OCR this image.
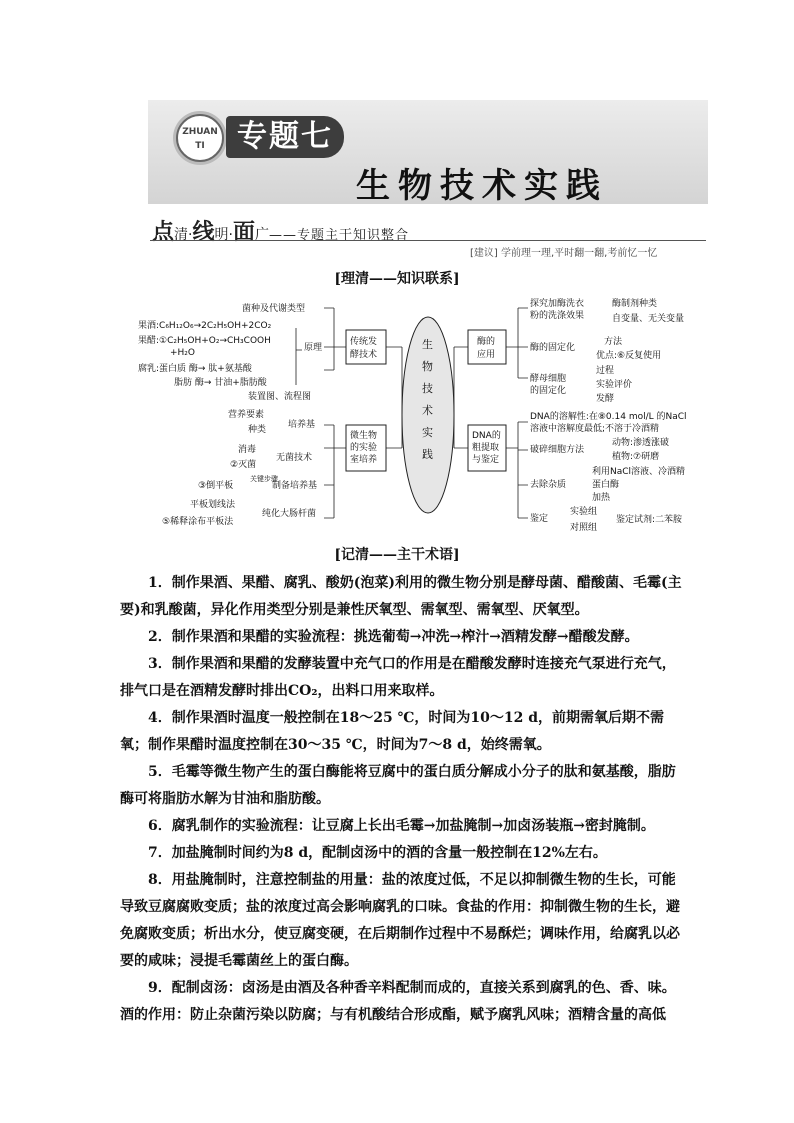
ZHUAN
TI	专题七
生物技术实践
点清·线明·面广——专题主干知识整合
[建议] 学前理一理,平时翻一翻,考前忆一忆
[理清——知识联系]
生
物
技
术
实
践
传统发
酵技术
微生物
的实验
室培养
酶的
应用
DNA的
粗提取
与鉴定
菌种及代谢类型
果酒:C₆H₁₂O₆→2C₂H₅OH+2CO₂
果醋:①C₂H₅OH+O₂→CH₃COOH
+H₂O	原理
腐乳:蛋白质 酶→ 肽+氨基酸
脂肪 酶→ 甘油+脂肪酸
装置图、流程图
营养要素
种类 培养基
消毒
②灭菌
无菌技术
③倒平板
关键步骤
制备培养基
平板划线法
⑤稀释涂布平板法
纯化大肠杆菌
探究加酶洗衣
粉的洗涤效果
酶制剂种类
自变量、无关变量
酶的固定化
方法
优点:⑥反复使用
酵母细胞
的固定化
过程
实验评价
发酵
DNA的溶解性:在⑧0.14 mol/L 的NaCl
溶液中溶解度最低;不溶于冷酒精
破碎细胞方法
动物:渗透涨破
植物:⑦研磨
去除杂质
利用NaCl溶液、冷酒精
蛋白酶
加热
鉴定
实验组
对照组
鉴定试剂:二苯胺
[记清——主干术语]

1．制作果酒、果醋、腐乳、酸奶(泡菜)利用的微生物分别是酵母菌、醋酸菌、毛霉(主要)和乳酸菌，异化作用类型分别是兼性厌氧型、需氧型、需氧型、厌氧型。

2．制作果酒和果醋的实验流程：挑选葡萄→冲洗→榨汁→酒精发酵→醋酸发酵。

3．制作果酒和果醋的发酵装置中充气口的作用是在醋酸发酵时连接充气泵进行充气，排气口是在酒精发酵时排出CO₂，出料口用来取样。

4．制作果酒时温度一般控制在18～25 ℃，时间为10～12 d，前期需氧后期不需氧；制作果醋时温度控制在30～35 ℃，时间为7～8 d，始终需氧。

5．毛霉等微生物产生的蛋白酶能将豆腐中的蛋白质分解成小分子的肽和氨基酸，脂肪酶可将脂肪水解为甘油和脂肪酸。

6．腐乳制作的实验流程：让豆腐上长出毛霉→加盐腌制→加卤汤装瓶→密封腌制。

7．加盐腌制时间约为8 d，配制卤汤中的酒的含量一般控制在12%左右。

8．用盐腌制时，注意控制盐的用量：盐的浓度过低，不足以抑制微生物的生长，可能导致豆腐腐败变质；盐的浓度过高会影响腐乳的口味。食盐的作用：抑制微生物的生长，避免腐败变质；析出水分，使豆腐变硬，在后期制作过程中不易酥烂；调味作用，给腐乳以必要的咸味；浸提毛霉菌丝上的蛋白酶。

9．配制卤汤：卤汤是由酒及各种香辛料配制而成的，直接关系到腐乳的色、香、味。酒的作用：防止杂菌污染以防腐；与有机酸结合形成酯，赋予腐乳风味；酒精含量的高低
